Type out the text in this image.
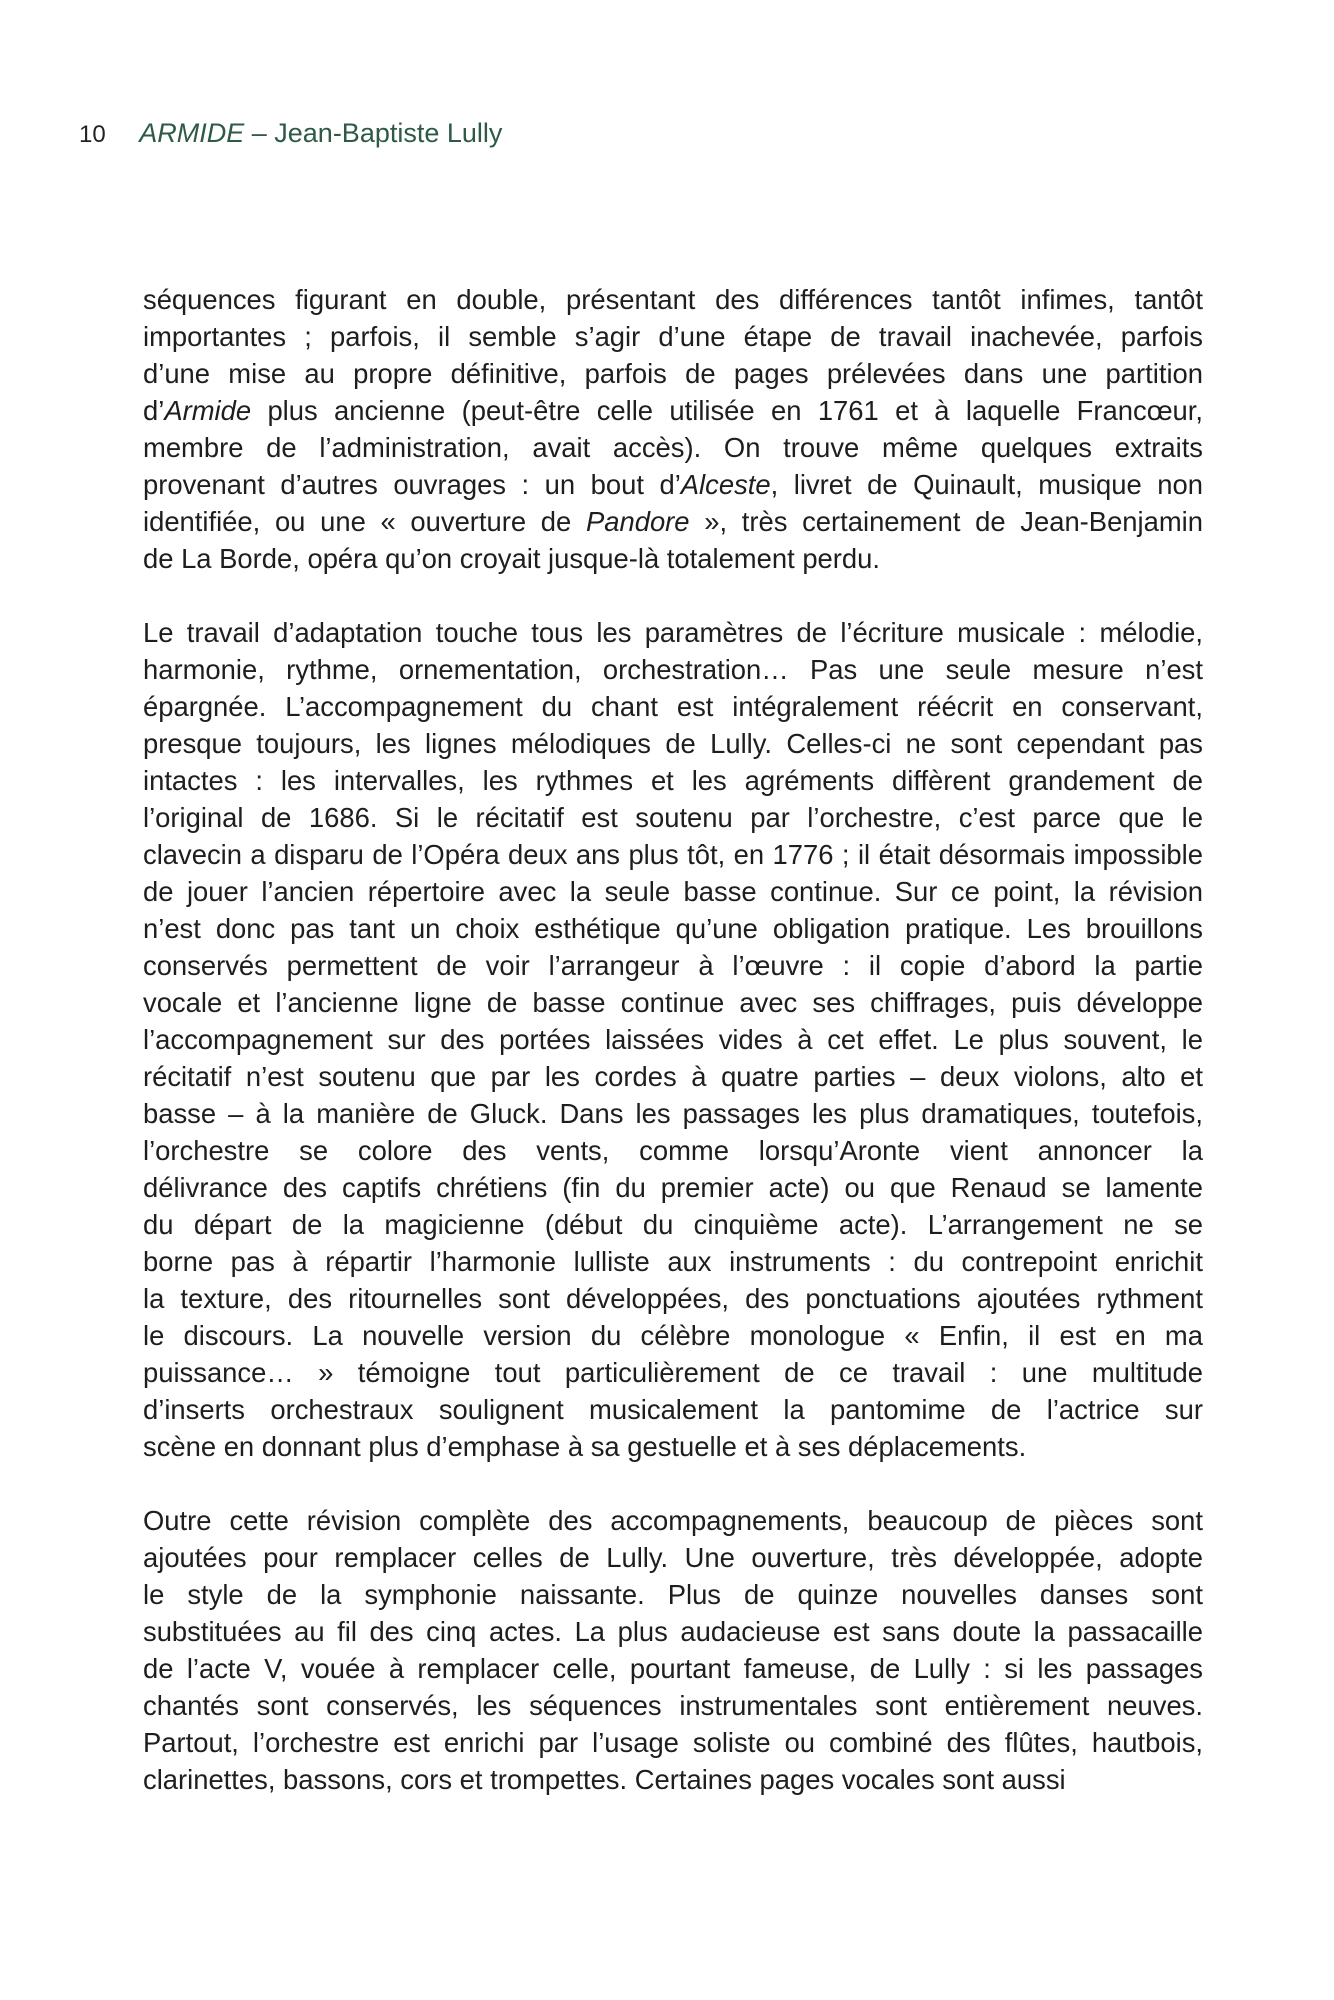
10 ARMIDE – Jean-Baptiste Lully
séquences figurant en double, présentant des différences tantôt infimes, tantôt
importantes ; parfois, il semble s’agir d’une étape de travail inachevée, parfois
d’une mise au propre définitive, parfois de pages prélevées dans une partition
d’Armide plus ancienne (peut-être celle utilisée en 1761 et à laquelle Francœur,
membre de l’administration, avait accès). On trouve même quelques extraits
provenant d’autres ouvrages : un bout d’Alceste, livret de Quinault, musique non
identifiée, ou une « ouverture de Pandore », très certainement de Jean-Benjamin
de La Borde, opéra qu’on croyait jusque-là totalement perdu.
Le travail d’adaptation touche tous les paramètres de l’écriture musicale : mélodie,
harmonie, rythme, ornementation, orchestration… Pas une seule mesure n’est
épargnée. L’accompagnement du chant est intégralement réécrit en conservant,
presque toujours, les lignes mélodiques de Lully. Celles-ci ne sont cependant pas
intactes : les intervalles, les rythmes et les agréments diffèrent grandement de
l’original de 1686. Si le récitatif est soutenu par l’orchestre, c’est parce que le
clavecin a disparu de l’Opéra deux ans plus tôt, en 1776 ; il était désormais impossible
de jouer l’ancien répertoire avec la seule basse continue. Sur ce point, la révision
n’est donc pas tant un choix esthétique qu’une obligation pratique. Les brouillons
conservés permettent de voir l’arrangeur à l’œuvre : il copie d’abord la partie
vocale et l’ancienne ligne de basse continue avec ses chiffrages, puis développe
l’accompagnement sur des portées laissées vides à cet effet. Le plus souvent, le
récitatif n’est soutenu que par les cordes à quatre parties – deux violons, alto et
basse – à la manière de Gluck. Dans les passages les plus dramatiques, toutefois,
l’orchestre se colore des vents, comme lorsqu’Aronte vient annoncer la
délivrance des captifs chrétiens (fin du premier acte) ou que Renaud se lamente
du départ de la magicienne (début du cinquième acte). L’arrangement ne se
borne pas à répartir l’harmonie lulliste aux instruments : du contrepoint enrichit
la texture, des ritournelles sont développées, des ponctuations ajoutées rythment
le discours. La nouvelle version du célèbre monologue « Enfin, il est en ma
puissance… » témoigne tout particulièrement de ce travail : une multitude
d’inserts orchestraux soulignent musicalement la pantomime de l’actrice sur
scène en donnant plus d’emphase à sa gestuelle et à ses déplacements.
Outre cette révision complète des accompagnements, beaucoup de pièces sont
ajoutées pour remplacer celles de Lully. Une ouverture, très développée, adopte
le style de la symphonie naissante. Plus de quinze nouvelles danses sont
substituées au fil des cinq actes. La plus audacieuse est sans doute la passacaille
de l’acte V, vouée à remplacer celle, pourtant fameuse, de Lully : si les passages
chantés sont conservés, les séquences instrumentales sont entièrement neuves.
Partout, l’orchestre est enrichi par l’usage soliste ou combiné des flûtes, hautbois,
clarinettes, bassons, cors et trompettes. Certaines pages vocales sont aussi
